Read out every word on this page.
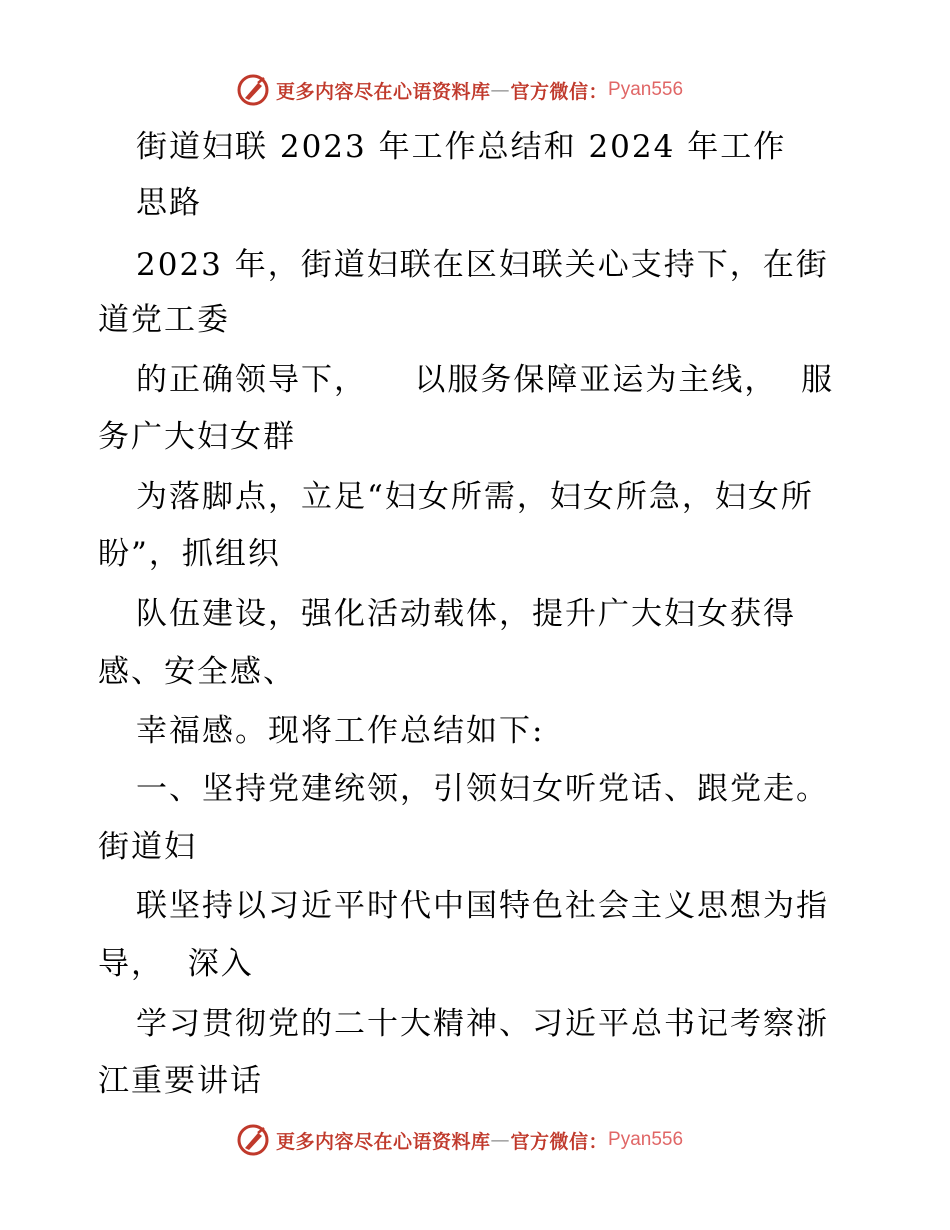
更多内容尽在心语资料库 — 官方微信： Pyan556
街道妇联 2023 年工作总结和 2024 年工作
思路
2023 年，街道妇联在区妇联关心支持下，在街
道党工委
的正确领导下，    以服务保障亚运为主线，  服
务广大妇女群
为落脚点，立足“妇女所需，妇女所急，妇女所
盼”，抓组织
队伍建设，强化活动载体，提升广大妇女获得
感、安全感、
幸福感。现将工作总结如下:
一、坚持党建统领，引领妇女听党话、跟党走。
街道妇
联坚持以习近平时代中国特色社会主义思想为指
导，  深入
学习贯彻党的二十大精神、习近平总书记考察浙
江重要讲话
更多内容尽在心语资料库 — 官方微信： Pyan556
